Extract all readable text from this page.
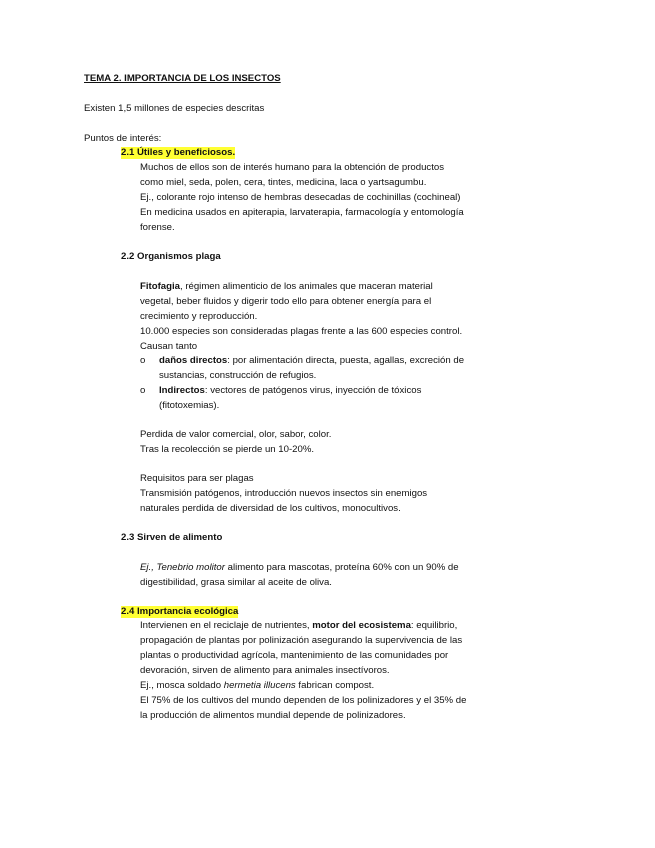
TEMA 2. IMPORTANCIA DE LOS INSECTOS
Existen 1,5 millones de especies descritas
Puntos de interés:
2.1 Útiles y beneficiosos.
Muchos de ellos son de interés humano para la obtención de productos
como miel, seda, polen, cera, tintes, medicina, laca o yartsagumbu.
Ej., colorante rojo intenso de hembras desecadas de cochinillas (cochineal)
En medicina usados en apiterapia, larvaterapia, farmacología y entomología
forense.
2.2 Organismos plaga
Fitofagia, régimen alimenticio de los animales que maceran material
vegetal, beber fluidos y digerir todo ello para obtener energía para el
crecimiento y reproducción.
10.000 especies son consideradas plagas frente a las 600 especies control.
Causan tanto
o daños directos: por alimentación directa, puesta, agallas, excreción de
sustancias, construcción de refugios.
o Indirectos: vectores de patógenos virus, inyección de tóxicos
(fitotoxemias).
Perdida de valor comercial, olor, sabor, color.
Tras la recolección se pierde un 10-20%.
Requisitos para ser plagas
Transmisión patógenos, introducción nuevos insectos sin enemigos
naturales perdida de diversidad de los cultivos, monocultivos.
2.3 Sirven de alimento
Ej., Tenebrio molitor alimento para mascotas, proteína 60% con un 90% de
digestibilidad, grasa similar al aceite de oliva.
2.4 Importancia ecológica
Intervienen en el reciclaje de nutrientes, motor del ecosistema: equilibrio,
propagación de plantas por polinización asegurando la supervivencia de las
plantas o productividad agrícola, mantenimiento de las comunidades por
devoración, sirven de alimento para animales insectívoros.
Ej., mosca soldado hermetia illucens fabrican compost.
El 75% de los cultivos del mundo dependen de los polinizadores y el 35% de
la producción de alimentos mundial depende de polinizadores.
